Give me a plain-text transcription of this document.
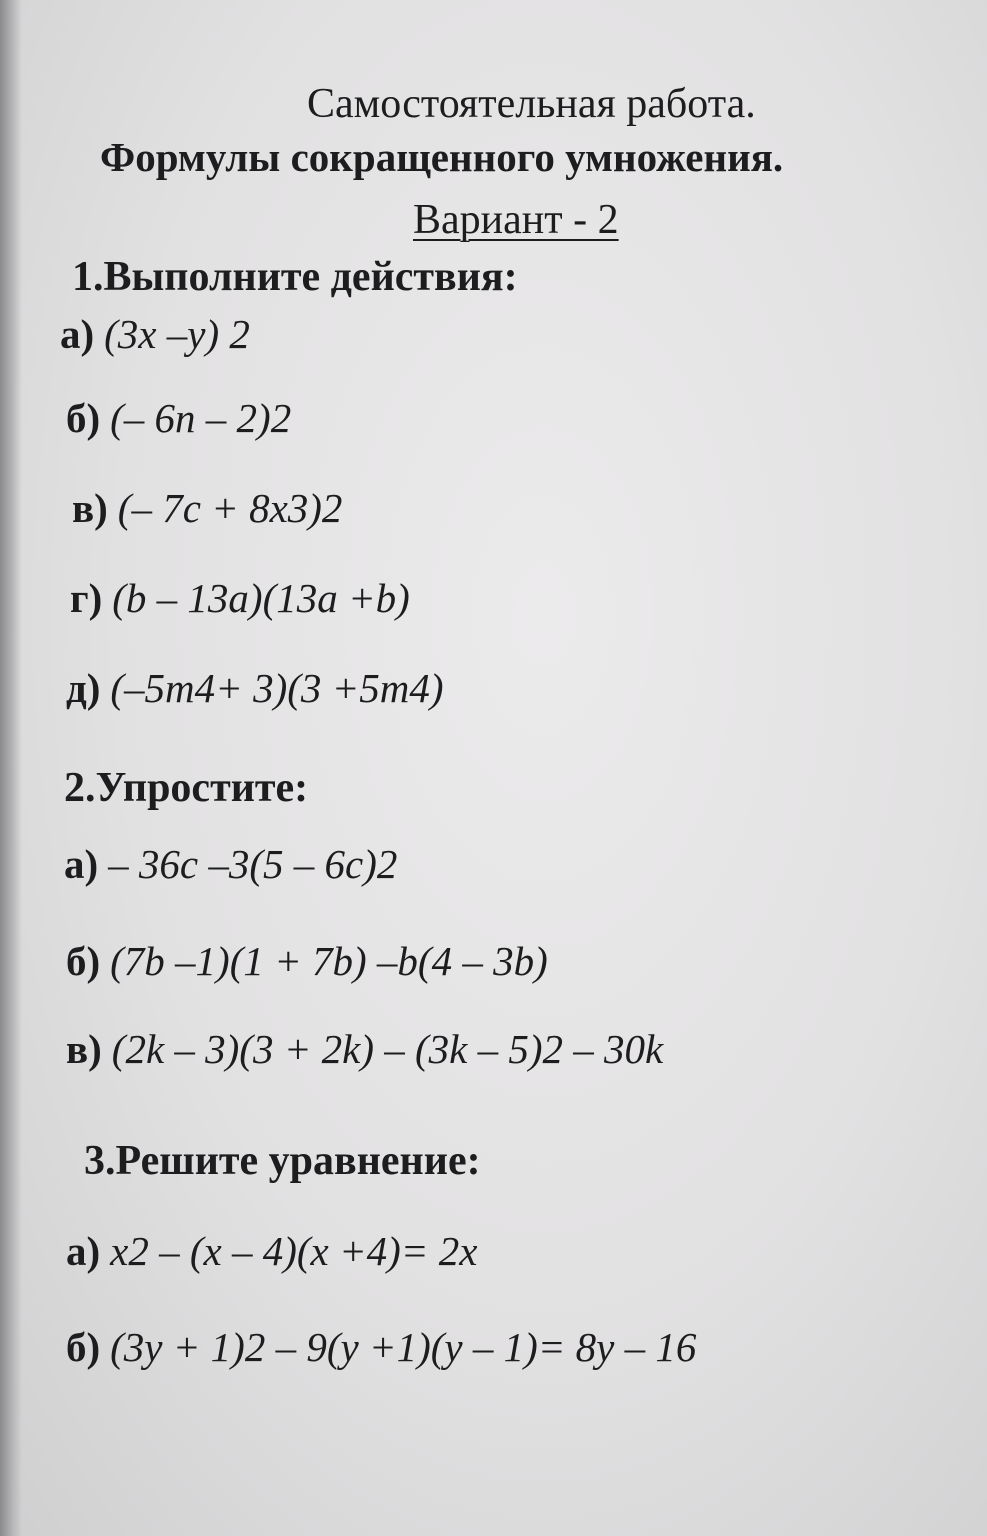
Самостоятельная работа.
Формулы сокращенного умножения.
Вариант - 2
1.Выполните действия:
а) (3x –y) 2
б) (– 6n – 2)2
в) (– 7c + 8x3)2
г) (b – 13a)(13a +b)
д) (–5m4+ 3)(3 +5m4)
2.Упростите:
а) – 36c –3(5 – 6c)2
б) (7b –1)(1 + 7b) –b(4 – 3b)
в) (2k – 3)(3 + 2k) – (3k – 5)2 – 30k
3.Решите уравнение:
а) x2 – (x – 4)(x +4)= 2x
б) (3y + 1)2 – 9(y +1)(y – 1)= 8y – 16
